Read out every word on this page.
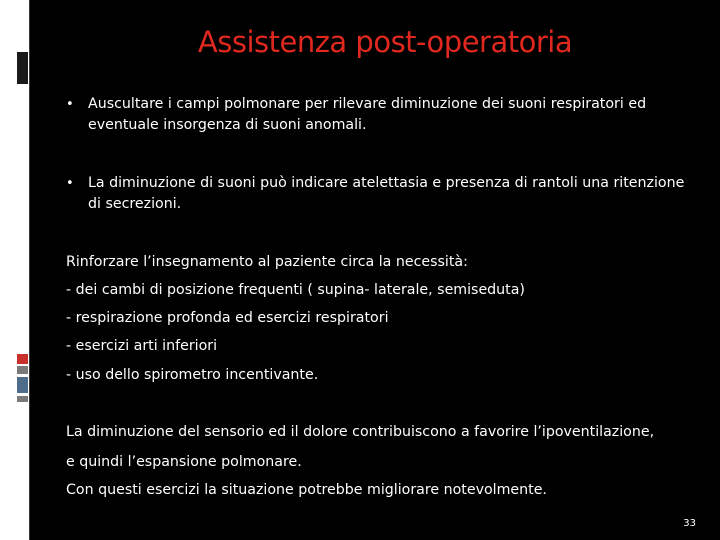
Assistenza post-operatoria
• Auscultare i campi polmonare per rilevare diminuzione dei suoni respiratori ed eventuale insorgenza di suoni anomali.
• La diminuzione di suoni può indicare atelettasia e presenza di rantoli una ritenzione di secrezioni.
Rinforzare l’insegnamento al paziente circa la necessità:
- dei cambi di posizione frequenti ( supina- laterale, semiseduta)
- respirazione profonda ed esercizi respiratori
- esercizi arti inferiori
- uso dello spirometro incentivante.
La diminuzione del sensorio ed il dolore contribuiscono a favorire l’ipoventilazione,
e quindi l’espansione polmonare.
Con questi esercizi la situazione potrebbe migliorare notevolmente.
33
